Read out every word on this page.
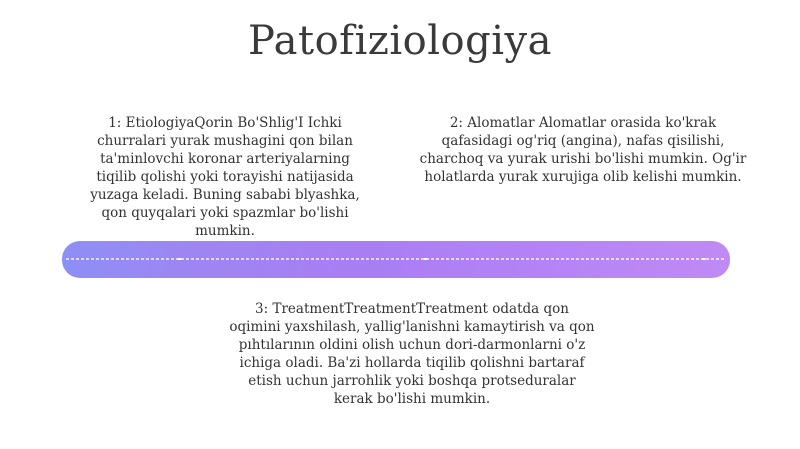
Patofiziologiya
1: EtiologiyaQorin Bo'Shlig'I Ichki churralari yurak mushagini qon bilan ta'minlovchi koronar arteriyalarning tiqilib qolishi yoki torayishi natijasida yuzaga keladi. Buning sababi blyashka, qon quyqalari yoki spazmlar bo'lishi mumkin.
2: Alomatlar Alomatlar orasida ko'krak qafasidagi og'riq (angina), nafas qisilishi, charchoq va yurak urishi bo'lishi mumkin. Og'ir holatlarda yurak xurujiga olib kelishi mumkin.
3: TreatmentTreatmentTreatment odatda qon oqimini yaxshilash, yallig'lanishni kamaytirish va qon pıhtılarının oldini olish uchun dori-darmonlarni o'z ichiga oladi. Ba'zi hollarda tiqilib qolishni bartaraf etish uchun jarrohlik yoki boshqa protseduralar kerak bo'lishi mumkin.
